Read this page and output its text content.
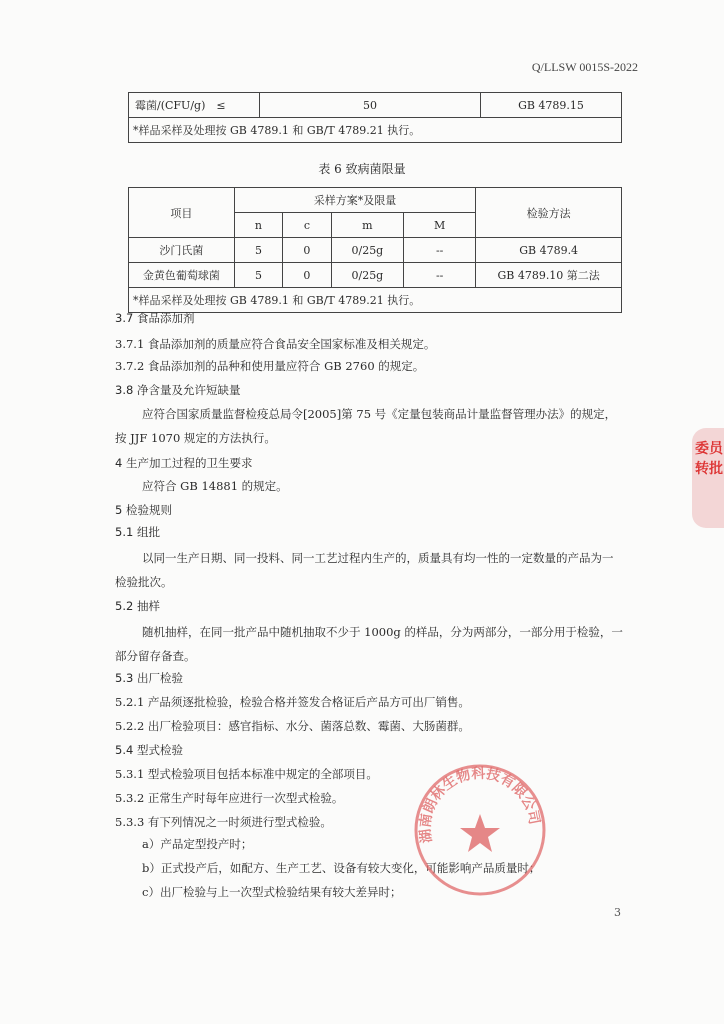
Q/LLSW 0015S-2022
霉菌/(CFU/g)　≤	50	GB 4789.15
*样品采样及处理按 GB 4789.1 和 GB/T 4789.21 执行。
表 6 致病菌限量
项目	采样方案*及限量				检验方法
	n	c	m	M	
沙门氏菌	5	0	0/25g	--	GB 4789.4
金黄色葡萄球菌	5	0	0/25g	--	GB 4789.10 第二法
*样品采样及处理按 GB 4789.1 和 GB/T 4789.21 执行。					
3.7 食品添加剂
3.7.1 食品添加剂的质量应符合食品安全国家标准及相关规定。
3.7.2 食品添加剂的品种和使用量应符合 GB 2760 的规定。
3.8 净含量及允许短缺量
应符合国家质量监督检疫总局令[2005]第 75 号《定量包装商品计量监督管理办法》的规定，
按 JJF 1070 规定的方法执行。
4 生产加工过程的卫生要求
应符合 GB 14881 的规定。
5 检验规则
5.1 组批
以同一生产日期、同一投料、同一工艺过程内生产的，质量具有均一性的一定数量的产品为一
检验批次。
5.2 抽样
随机抽样，在同一批产品中随机抽取不少于 1000g 的样品，分为两部分，一部分用于检验，一
部分留存备查。
5.3 出厂检验
5.2.1 产品须逐批检验，检验合格并签发合格证后产品方可出厂销售。
5.2.2 出厂检验项目：感官指标、水分、菌落总数、霉菌、大肠菌群。
5.4 型式检验
5.3.1 型式检验项目包括本标准中规定的全部项目。
5.3.2 正常生产时每年应进行一次型式检验。
5.3.3 有下列情况之一时须进行型式检验。
a）产品定型投产时；
b）正式投产后，如配方、生产工艺、设备有较大变化，可能影响产品质量时；
c）出厂检验与上一次型式检验结果有较大差异时；
3
委员转批
湖南朗林生物科技有限公司
